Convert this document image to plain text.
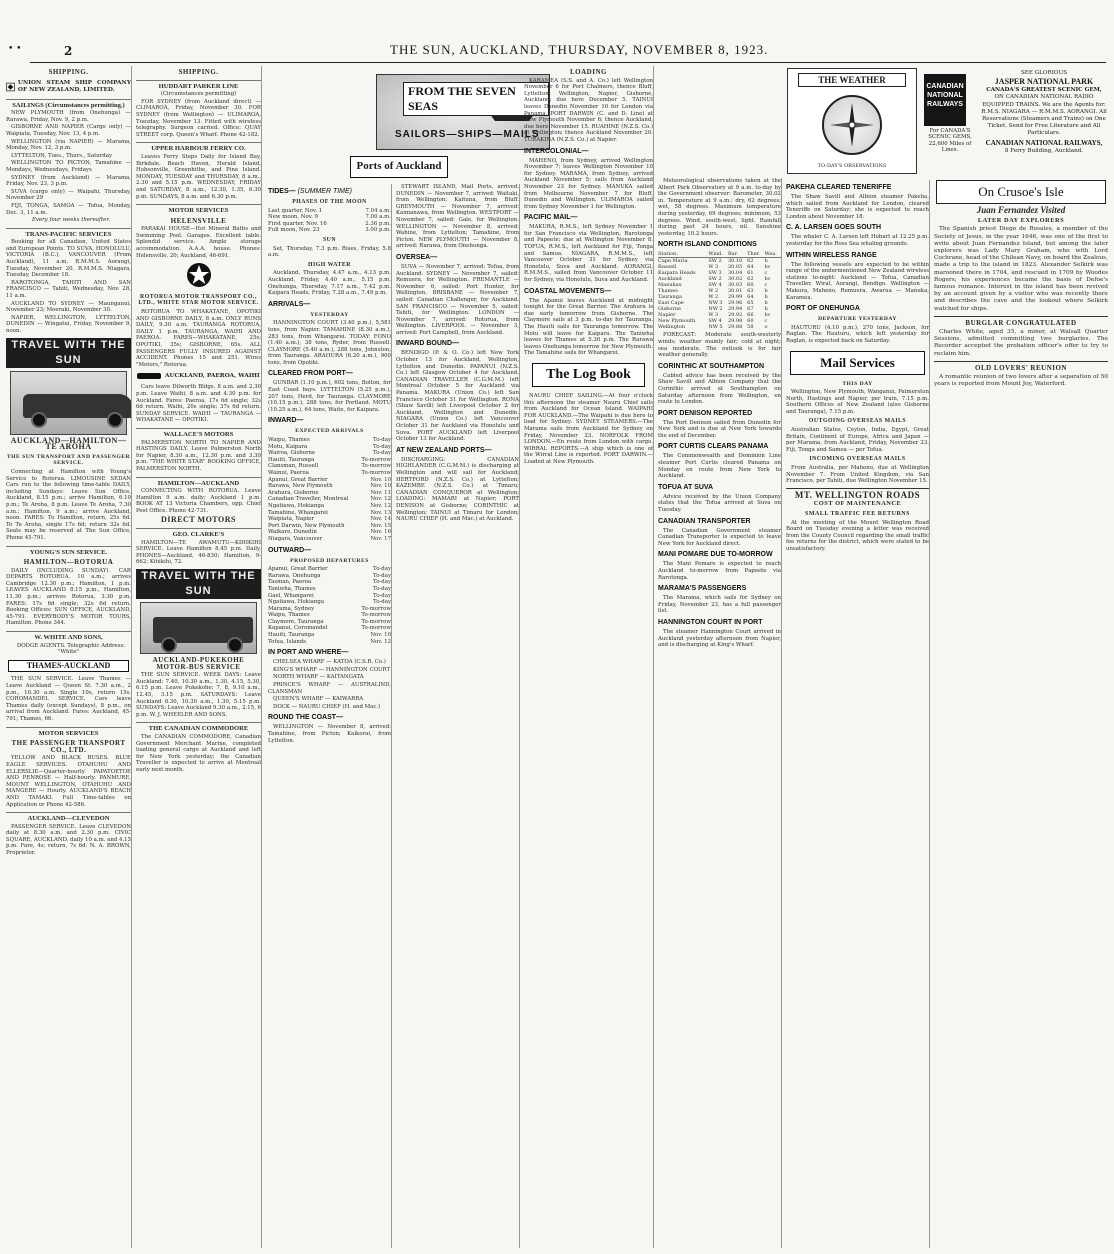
• •	2	THE SUN, AUCKLAND, THURSDAY, NOVEMBER 8, 1923.
SHIPPING.
UNION STEAM SHIP COMPANY OF NEW ZEALAND, LIMITED.
SAILINGS (Circumstances permitting.)

NEW PLYMOUTH (from Onehunga) — Rarawa, Friday, Nov. 9, 2 p.m.

GISBORNE AND NAPIER (Cargo only) — Waipiata, Tuesday, Nov. 13, 4 p.m.

WELLINGTON (via NAPIER) — Marama, Monday, Nov. 12, 3 p.m.

LYTTELTON, Tues., Thurs., Saturday

WELLINGTON TO PICTON, Tamahine — Mondays, Wednesdays, Fridays

SYDNEY (from Auckland) — Marama, Friday, Nov. 23, 3 p.m.

SUVA (cargo only) — Waipahi, Thursday, November 29

FIJI, TONGA, SAMOA — Tofua, Monday, Dec. 3, 11 a.m.

Every four weeks thereafter.

TRANS-PACIFIC SERVICES

Booking for all Canadian, United States and European Points. TO SUVA, HONOLULU, VICTORIA (B.C.), VANCOUVER (From Auckland), 11 a.m. R.M.M.S. Aorangi, Tuesday, November 20. R.M.M.S. Niagara, Tuesday, December 18.

RAROTONGA, TAHITI AND SAN FRANCISCO — Tahiti, Wednesday, Nov. 28, 11 a.m.

AUCKLAND TO SYDNEY — Maunganui, November 23; Moeraki, November 30.

NAPIER, WELLINGTON, LYTTELTON, DUNEDIN — Wingatui, Friday, November 9, noon.

TRAVEL WITH THE SUN
AUCKLAND—HAMILTON—TE AROHA
THE SUN TRANSPORT AND PASSENGER SERVICE.

Connecting at Hamilton with Young's Service to Rotorua. LIMOUSINE SEDAN Cars run to the following time-table DAILY, including Sundays: Leave Sun Office, Auckland, 8.15 p.m.; arrive Hamilton, 6.10 p.m.; Te Aroha, 8 p.m. Leave Te Aroha, 7.30 a.m.; Hamilton, 9 a.m.; arrive Auckland, noon. FARES: To Hamilton, return, 25s 6d. To Te Aroha, single 17s 6d; return 32s 6d. Seats may be reserved at The Sun Office, Phone 45-791.

YOUNG'S SUN SERVICE.
HAMILTON—ROTORUA

DAILY (INCLUDING SUNDAY). CAR DEPARTS ROTORUA, 10 a.m.; arrives Cambridge 12.30 p.m.; Hamilton, 1 p.m. LEAVES AUCKLAND 8.15 p.m., Hamilton, 11.30 p.m.; arrives Rotorua, 3.30 p.m. FARES: 17s 6d single; 32s 6d return. Booking Offices: SUN OFFICE, AUCKLAND, 45-791. EVERYBODY'S MOTOR TOURS, Hamilton. Phone 344.

W. WHITE AND SONS,

DODGE AGENTS. Telegraphic Address: "White"

THAMES-AUCKLAND

THE SUN SERVICE. Leave Thames — Leave Auckland — Queen St. 7.30 a.m., 2 p.m., 10.30 a.m. Single 10s, return 15s. COROMANDEL SERVICE. Cars leave Thames daily (except Sundays), 8 p.m., on arrival from Auckland. Fares: Auckland, 45-791; Thames, 66.

MOTOR SERVICES
THE PASSENGER TRANSPORT CO., LTD.

YELLOW AND BLACK BUSES. BLUE EAGLE SERVICES. OTAHUHU AND ELLERSLIE—Quarter-hourly. PAPATOETOE AND PENROSE — Half-hourly. PANMURE, MOUNT WELLINGTON, OTAHUHU AND MANGERE — Hourly. AUCKLAND'S BEACH AND TAMAKI. Full Time-tables on Application or Phone 42-586.

AUCKLAND—CLEVEDON

PASSENGER SERVICE. Leave CLEVEDON daily at 8.30 a.m. and 2.30 p.m. CIVIC SQUARE, AUCKLAND, daily 10 a.m. and 4.15 p.m. Fare, 4s; return, 7s 6d. N. A. BROWN, Proprietor.

SHIPPING.
HUDDART PARKER LINE

(Circumstances permitting)

FOR SYDNEY (from Auckland direct) — CLIMAROA, Friday, November 30. FOR SYDNEY (from Wellington) — ULIMAROA, Tuesday, November 13. Fitted with wireless telegraphy. Surgeon carried. Office: QUAY STREET corp. Queen's Wharf. Phone 42-182.

UPPER HARBOUR FERRY CO.

Leaves Ferry Steps Daily for Island Bay, Birkdale, Beach Haven, Herald Island, Hobsonville, Greenhithe, and Pine Island. MONDAY, TUESDAY and THURSDAY, 8 a.m., 2.30 and 5.15 p.m. WEDNESDAY, FRIDAY and SATURDAY, 8 a.m., 12.30, 1.35, 6.30 p.m. SUNDAYS, 8 a.m. and 6.30 p.m.

MOTOR SERVICES
HELENSVILLE

PARAKAI HOUSE—Hot Mineral Baths and Swimming Pool. Garages. Excellent table. Splendid service. Ample storage accommodation. A.A.A. house. Phones: Helensville, 20; Auckland, 46-691.

ROTORUA MOTOR TRANSPORT CO., LTD., WHITE STAR MOTOR SERVICE.

ROTORUA TO WHAKATANE, OPOTIKI AND GISBORNE DAILY, 8 a.m. ONLY RUNS DAILY, 9.30 a.m. TAURANGA ROTORUA, DAILY 1 p.m. TAURANGA, WAIHI AND PAEROA. FARES—WHAKATANE, 25s; OPOTIKI, 35s; GISBORNE, 65s. ALL PASSENGERS FULLY INSURED AGAINST ACCIDENT. Phones 15 and 251. Wires "Motors," Rotorua.

AUCKLAND, PAEROA, WAIHI

Cars leave Dilworth Bldgs. 8 a.m. and 2.30 p.m. Leave Waihi, 8 a.m. and 4.30 p.m. for Auckland. Fares: Paeroa, 17s 6d single; 32s 6d return. Waihi, 20s single; 37s 6d return. SUNDAY SERVICE. WAIHI — TAURANGA — WHAKATANE — OPOTIKI.

WALLACE'S MOTORS

PALMERSTON NORTH TO NAPIER AND HASTINGS DAILY. Leave Palmerston North for Napier, 8.30 a.m., 12.30 p.m. and 3.30 p.m. "THE WHITE STAR" BOOKING OFFICE, PALMERSTON NORTH.

HAMILTON—AUCKLAND

CONNECTING WITH ROTORUA. Leave Hamilton 9 a.m. daily; Auckland 1 p.m. BOOK AT 13 Victoria Chambers, opp. Chief Post Office. Phone 42-731.

DIRECT MOTORS
GEO. CLARKE'S

HAMILTON—TE AWAMUTU—KIHIKIHI SERVICE. Leave Hamilton 8.45 p.m. Daily. PHONES—Auckland, 46-830; Hamilton, 9-662; Kihikihi, 72.

TRAVEL WITH THE SUN
AUCKLAND-PUKEKOHE MOTOR-BUS SERVICE

THE SUN SERVICE. WEEK DAYS: Leave Auckland: 7.40, 10.30 a.m., 1.30, 4.15, 5.30, 6.15 p.m. Leave Pukekohe: 7, 8, 9.10 a.m., 12.45, 3.15 p.m. SATURDAYS: Leave Auckland 8.30, 10.30 a.m., 1.30, 5.15 p.m. SUNDAYS: Leave Auckland 9.30 a.m., 2.15, 6 p.m. W. J. WHEELER AND SONS.

THE CANADIAN COMMODORE

The CANADIAN COMMODORE, Canadian Government Merchant Marine, completed loading general cargo at Auckland and left for New York yesterday; the Canadian Traveller is expected to arrive at Montreal early next month.

FROM THE SEVEN SEAS
SAILORS—SHIPS—MAILS
Ports of Auckland
TIDES— (SUMMER TIME)
PHASES OF THE MOON
Last quarter, Nov. 1	7.04 a.m.
New moon, Nov. 9	7.00 a.m.
First quarter, Nov. 16	2.36 p.m.
Full moon, Nov. 23	3.00 p.m.
SUN

Set, Thursday, 7.3 p.m. Rises, Friday, 5.8 a.m.

HIGH WATER

Auckland, Thursday, 4.47 a.m., 4.13 p.m. Auckland, Friday, 4.40 a.m., 5.15 p.m. Onehunga, Thursday, 7.17 a.m., 7.42 p.m. Kaipara Heads, Friday, 7.28 a.m., 7.49 p.m.

ARRIVALS—
YESTERDAY

HANNINGTON COURT (3.40 p.m.), 5,581 tons, from Napier. TAMAHINE (8.30 a.m.), 283 tons, from Whangarei. TODAY: FONO (1.40 a.m.), 38 tons, Ryder, from Russell. CLAYMORE (5.40 a.m.), 288 tons, Johnston, from Tauranga. ARAHURA (6.20 a.m.), 900 tons, from Opotiki.

CLEARED FROM PORT—

GUNBAR (1.10 p.m.), 602 tons, Bolton, for East Coast bays. LYTTELTON (5.25 p.m.), 207 tons, Herd, for Tauranga. CLAYMORE (10.15 p.m.), 288 tons, for Portland. MOTU (10.25 a.m.), 64 tons, Waite, for Kaipara.

INWARD—
EXPECTED ARRIVALS
Waipu, Thames	To-day
Motu, Kaipara	To-day
Wairoa, Gisborne	To-day
Hauiti, Tauranga	To-morrow
Clansman, Russell	To-morrow
Wainui, Paeroa	To-morrow
Apanui, Great Barrier	Nov. 10
Rarawa, New Plymouth	Nov. 10
Arahura, Gisborne	Nov. 11
Canadian Traveller, Montreal	Nov. 12
Ngatiawa, Hokianga	Nov. 12
Tamahine, Whangarei	Nov. 13
Waipiata, Napier	Nov. 14
Port Darwin, New Plymouth	Nov. 15
Waikare, Dunedin	Nov. 16
Niagara, Vancouver	Nov. 17
OUTWARD—
PROPOSED DEPARTURES
Apanui, Great Barrier	To-day
Rarawa, Onehunga	To-day
Tasman, Paeroa	To-day
Taniwha, Thames	To-day
Gael, Whangarei	To-day
Ngatiawa, Hokianga	To-day
Marama, Sydney	To-morrow
Waipu, Thames	To-morrow
Claymore, Tauranga	To-morrow
Kapanui, Coromandel	To-morrow
Hauiti, Tauranga	Nov. 10
Tofua, Islands	Nov. 12
IN PORT AND WHERE—

CHELSEA WHARF — KATOA (C.S.R. Co.)

KING'S WHARF — HANNINGTON COURT

NORTH WHARF — KAITANGATA

PRINCE'S WHARF — AUSTRALIND, CLANSMAN

QUEEN'S WHARF — KAIWARRA

DOCK — NAURU CHIEF (H. and Mac.)

ROUND THE COAST—

WELLINGTON — November 8, arrived: Tamahine, from Picton; Kaikorai, from Lyttelton.

STEWART ISLAND, Mail Ports, arrived. DUNEDIN — November 7, arrived: Waitaki, from Wellington; Kaituna, from Bluff. GREYMOUTH — November 7, arrived: Kaimanawa, from Wellington. WESTPORT — November 7, sailed: Gale, for Wellington. WELLINGTON — November 8, arrived: Wahine, from Lyttelton; Tamahine, from Picton. NEW PLYMOUTH — November 8, arrived: Rarawa, from Onehunga.

OVERSEA—

SUVA — November 7, arrived: Tofua, from Auckland. SYDNEY — November 7, sailed: Remuera, for Wellington. FREMANTLE — November 6, sailed: Port Hunter, for Wellington. BRISBANE — November 7, sailed: Canadian Challenger, for Auckland. SAN FRANCISCO — November 5, sailed: Tahiti, for Wellington. LONDON — November 7, arrived: Rotorua, from Wellington. LIVERPOOL — November 3, arrived: Port Campbell, from Auckland.

INWARD BOUND—

BENDIGO (P. & O. Co.) left New York October 13 for Auckland, Wellington, Lyttelton and Dunedin. PAPANUI (N.Z.S. Co.) left Glasgow October 4 for Auckland. CANADIAN TRAVELLER (C.G.M.M.) left Montreal October 5 for Auckland via Panama. MAKURA (Union Co.) left San Francisco October 31 for Wellington. RONA (Shaw Savill) left Liverpool October 2 for Auckland, Wellington and Dunedin. NIAGARA (Union Co.) left Vancouver October 31 for Auckland via Honolulu and Suva. PORT AUCKLAND left Liverpool October 13 for Auckland.

AT NEW ZEALAND PORTS—

DISCHARGING: CANADIAN HIGHLANDER (C.G.M.M.) is discharging at Wellington and will sail for Auckland; HERTFORD (N.Z.S. Co.) at Lyttelton; KAZEMBE (N.Z.S. Co.) at Timaru; CANADIAN CONQUEROR at Wellington; LOADING: MAMARI at Napier; PORT DENISON at Gisborne; CORINTHIC at Wellington; TAINUI at Timaru for London; NAURU CHIEF (H. and Mac.) at Auckland.

LOADING

KARAMEA (S.S. and A. Co.) left Wellington November 6 for Port Chalmers, thence Bluff, Lyttelton, Wellington, Napier, Gisborne, Auckland; due here December 5. TAINUI leaves Dunedin November 10 for London via Panama. PORT DARWIN (C. and D. Line) at New Plymouth November 6; thence Auckland, due here November 15. RUAHINE (N.Z.S. Co.) at Wellington; thence Auckland November 20. TURAKINA (N.Z.S. Co.) at Napier.

INTERCOLONIAL—

MAHENO, from Sydney, arrived Wellington November 7; leaves Wellington November 10 for Sydney. MARAMA, from Sydney, arrived Auckland November 5; sails from Auckland November 23 for Sydney. MANUKA sailed from Melbourne November 7 for Bluff, Dunedin and Wellington. ULIMAROA sailed from Sydney November 1 for Wellington.

PACIFIC MAIL—

MAKURA, R.M.S., left Sydney November 1 for San Francisco via Wellington, Rarotonga and Papeete; due at Wellington November 8. TOFUA, R.M.S., left Auckland for Fiji, Tonga and Samoa. NIAGARA, R.M.M.S., left Vancouver October 31 for Sydney via Honolulu, Suva and Auckland. AORANGI, R.M.M.S., sailed from Vancouver October 11 for Sydney, via Honolulu, Suva and Auckland.

COASTAL MOVEMENTS—

The Apanui leaves Auckland at midnight tonight for the Great Barrier. The Arahura is due early tomorrow from Gisborne. The Claymore sails at 3 p.m. to-day for Tauranga. The Hauiti sails for Tauranga tomorrow. The Motu will leave for Kaipara. The Taniwha leaves for Thames at 5.30 p.m. The Rarawa leaves Onehunga tomorrow for New Plymouth. The Tamahine sails for Whangarei.

The Log Book

NAURU CHIEF SAILING.—At four o'clock this afternoon the steamer Nauru Chief sails from Auckland for Ocean Island. WAIPAHI FOR AUCKLAND.—The Waipahi is due here to load for Sydney. SYDNEY STEAMERS.—The Marama sails from Auckland for Sydney on Friday, November 23. NORFOLK FROM LONDON.—En route from London with cargo. WIRRAL REPORTS.—A ship which is one of the Wirral Line is reported. PORT DARWIN.—Loaded at New Plymouth.

THE WEATHER
TO-DAY'S OBSERVATIONS

Meteorological observations taken at the Albert Park Observatory at 9 a.m. to-day by the Government observer: Barometer, 30.02 in. Temperature at 9 a.m.: dry, 62 degrees; wet, 58 degrees. Maximum temperature during yesterday, 69 degrees; minimum, 53 degrees. Wind, south-west, light. Rainfall during past 24 hours, nil. Sunshine yesterday, 10.2 hours.

NORTH ISLAND CONDITIONS
Station.	Wind.	Bar.	Ther.	Wea.
Cape Maria	SW 2	30.10	62	b
Russell	W 3	30.05	64	bc
Kaipara Heads	SW 3	30.04	61	c
Auckland	SW 2	30.02	62	bc
Manukau	SW 4	30.03	60	c
Thames	W 2	30.01	63	b
Tauranga	W 2	29.99	64	b
East Cape	NW 3	29.96	65	b
Gisborne	NW 2	29.94	67	b
Napier	W 3	29.92	66	bc
New Plymouth	SW 4	29.98	60	c
Wellington	NW 5	29.88	58	o

FORECAST: Moderate south-westerly winds; weather mainly fair; cold at night; sea moderate. The outlook is for fair weather generally.

CORINTHIC AT SOUTHAMPTON

Cabled advice has been received by the Shaw Savill and Albion Company that the Corinthic arrived at Southampton on Saturday afternoon from Wellington, en route to London.

PORT DENISON REPORTED

The Port Denison sailed from Dunedin for New York and is due at New York towards the end of December.

PORT CURTIS CLEARS PANAMA

The Commonwealth and Dominion Line steamer Port Curtis cleared Panama on Monday en route from New York to Auckland.

TOFUA AT SUVA

Advice received by the Union Company states that the Tofua arrived at Suva on Tuesday.

CANADIAN TRANSPORTER

The Canadian Government steamer Canadian Transporter is expected to leave New York for Auckland direct.

MANI POMARE DUE TO-MORROW

The Mani Pomare is expected to reach Auckland to-morrow from Papeete via Rarotonga.

MARAMA'S PASSENGERS

The Marama, which sails for Sydney on Friday, November 23, has a full passenger list.

HANNINGTON COURT IN PORT

The steamer Hannington Court arrived in Auckland yesterday afternoon from Napier, and is discharging at King's Wharf.

CANADIAN NATIONAL RAILWAYS
For CANADA'S SCENIC GEMS, 22,600 Miles of Lines.
SEE GLORIOUS
JASPER NATIONAL PARK
CANADA'S GREATEST SCENIC GEM,
ON CANADIAN NATIONAL RADIO EQUIPPED TRAINS. We are the Agents for: R.M.S. NIAGARA — R.M.M.S. AORANGI. All Reservations (Steamers and Trains) on One Ticket. Send for Free Literature and All Particulars.
CANADIAN NATIONAL RAILWAYS,
8 Ferry Building, Auckland.
PAKEHA CLEARED TENERIFFE

The Shaw Savill and Albion steamer Pakeha, which sailed from Auckland for London, cleared Teneriffe on Saturday; she is expected to reach London about November 18.

C. A. LARSEN GOES SOUTH

The whaler C. A. Larsen left Hobart at 12.25 p.m. yesterday for the Ross Sea whaling grounds.

WITHIN WIRELESS RANGE

The following vessels are expected to be within range of the undermentioned New Zealand wireless stations to-night: Auckland — Tofua, Canadian Traveller, Wiral, Aorangi, Bendigo. Wellington — Makura, Maheno, Remuera. Awarua — Manuka, Karamea.

PORT OF ONEHUNGA
DEPARTURE YESTERDAY

HAUTURU (4.10 p.m.), 270 tons, Jackson, for Raglan. The Hauturu, which left yesterday for Raglan, is expected back on Saturday.

Mail Services
THIS DAY

Wellington, New Plymouth, Wanganui, Palmerston North, Hastings and Napier, per train, 7.15 p.m. Southern Offices of New Zealand (also Gisborne and Tauranga), 7.15 p.m.

OUTGOING OVERSEAS MAILS

Australian States, Ceylon, India, Egypt, Great Britain, Continent of Europe, Africa and Japan — per Marama, from Auckland, Friday, November 23. Fiji, Tonga and Samoa — per Tofua.

INCOMING OVERSEAS MAILS

From Australia, per Maheno, due at Wellington November 7. From United Kingdom, via San Francisco, per Tahiti, due Wellington November 15.

MT. WELLINGTON ROADS
COST OF MAINTENANCE
SMALL TRAFFIC FEE RETURNS

At the meeting of the Mount Wellington Road Board on Tuesday evening a letter was received from the County Council regarding the small traffic fee returns for the district, which were stated to be unsatisfactory.

On Crusoe's Isle
Juan Fernandez Visited
LATER DAY EXPLORERS

The Spanish priest Diego de Rosales, a member of the Society of Jesus, in the year 1646, was one of the first to write about Juan Fernandez Island, but among the later explorers was Lady Mary Graham, who with Lord Cochrane, head of the Chilean Navy, on board the Zealous, made a trip to the island in 1823. Alexander Selkirk was marooned there in 1704, and rescued in 1709 by Woodes Rogers; his experiences became the basis of Defoe's famous romance. Interest in the island has been revived by an account given by a visitor who was recently there and describes the cave and the lookout where Selkirk watched for ships.

BURGLAR CONGRATULATED

Charles White, aged 35, a miner, at Walsall Quarter Sessions, admitted committing two burglaries. The Recorder accepted the probation officer's offer to try to reclaim him.

OLD LOVERS' REUNION

A romantic reunion of two lovers after a separation of 50 years is reported from Mount Joy, Waterford.
